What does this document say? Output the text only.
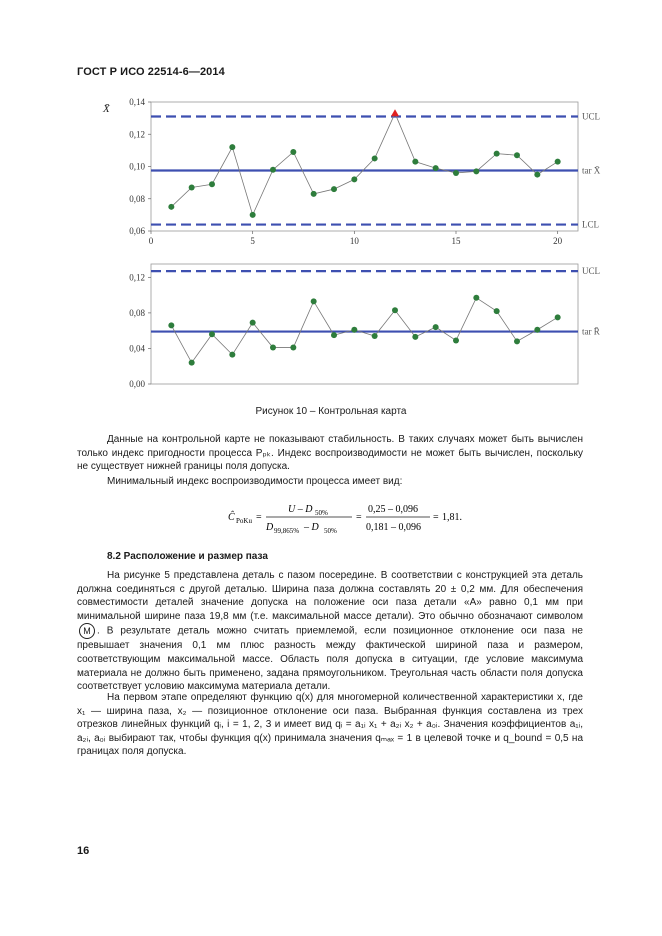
ГОСТ Р ИСО 22514-6—2014
0,06
0,08
0,10
0,12
0,14
0	5	10	15	20
UCL
LCL
tar X̄
X̄
0,00
0,04
0,08
0,12
UCL
tar R̄
Рисунок 10 – Контрольная карта
Данные на контрольной карте не показывают стабильность. В таких случаях может быть вычислен только индекс пригодности процесса Pₚₖ. Индекс воспроизводимости не может быть вычислен, поскольку не существует нижней границы поля допуска.
Минимальный индекс воспроизводимости процесса имеет вид:
Ĉ PoKu =
U – D 50%
D 99,865% – D 50%
=
0,25 – 0,096
0,181 – 0,096
= 1,81.
8.2 Расположение и размер паза
На рисунке 5 представлена деталь с пазом посередине. В соответствии с конструкцией эта деталь должна соединяться с другой деталью. Ширина паза должна составлять 20 ± 0,2 мм. Для обеспечения совместимости деталей значение допуска на положение оси паза детали «А» равно 0,1 мм при минимальной ширине паза 19,8 мм (т.е. максимальной массе детали). Это обычно обозначают символом M . В результате деталь можно считать приемлемой, если позиционное отклонение оси паза не превышает значения 0,1 мм плюс разность между фактической шириной паза и размером, соответствующим максимальной массе. Область поля допуска в ситуации, где условие максимума материала не должно быть применено, задана прямоугольником. Треугольная часть области поля допуска соответствует условию максимума материала детали.
На первом этапе определяют функцию q(x) для многомерной количественной характеристики x, где x₁ — ширина паза, x₂ — позиционное отклонение оси паза. Выбранная функция составлена из трех отрезков линейных функций qᵢ, i = 1, 2, 3 и имеет вид qᵢ = a₁ᵢ x₁ + a₂ᵢ x₂ + a₀ᵢ. Значения коэффициентов a₁ᵢ, a₂ᵢ, a₀ᵢ выбирают так, чтобы функция q(x) принимала значения qₘₐₓ = 1 в целевой точке и q_bound = 0,5 на границах поля допуска.
16
